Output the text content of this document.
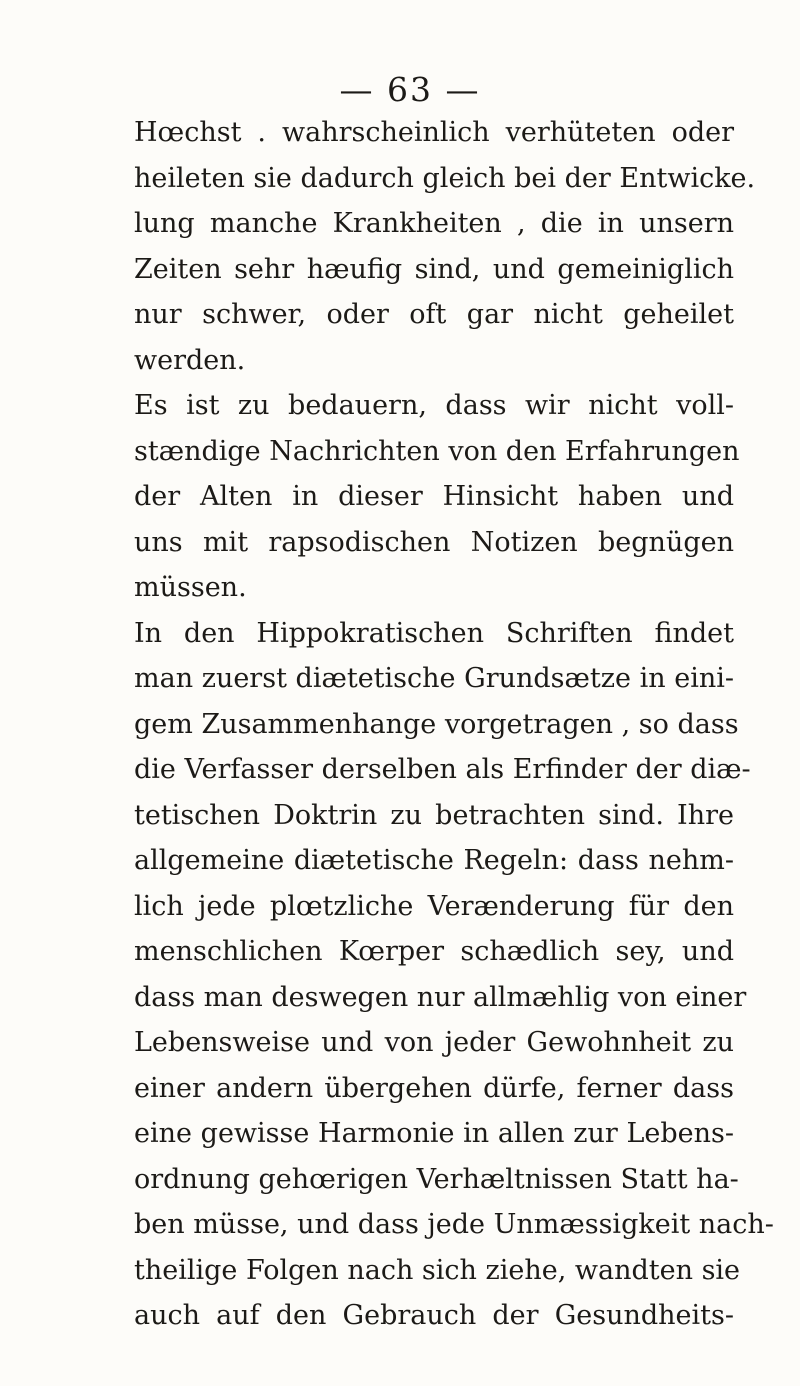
— 63 —
Hœchst . wahrscheinlich verhüteten oder
heileten sie dadurch gleich bei der Entwicke.
lung manche Krankheiten , die in unsern
Zeiten sehr hæufig sind, und gemeiniglich
nur schwer, oder oft gar nicht geheilet
werden.
Es ist zu bedauern, dass wir nicht voll-
stændige Nachrichten von den Erfahrungen
der Alten in dieser Hinsicht haben und
uns mit rapsodischen Notizen begnügen
müssen.
In den Hippokratischen Schriften findet
man zuerst diætetische Grundsætze in eini-
gem Zusammenhange vorgetragen , so dass
die Verfasser derselben als Erfinder der diæ-
tetischen Doktrin zu betrachten sind. Ihre
allgemeine diætetische Regeln: dass nehm-
lich jede plœtzliche Verænderung für den
menschlichen Kœrper schædlich sey, und
dass man deswegen nur allmæhlig von einer
Lebensweise und von jeder Gewohnheit zu
einer andern übergehen dürfe, ferner dass
eine gewisse Harmonie in allen zur Lebens-
ordnung gehœrigen Verhæltnissen Statt ha-
ben müsse, und dass jede Unmæssigkeit nach-
theilige Folgen nach sich ziehe, wandten sie
auch auf den Gebrauch der Gesundheits-
